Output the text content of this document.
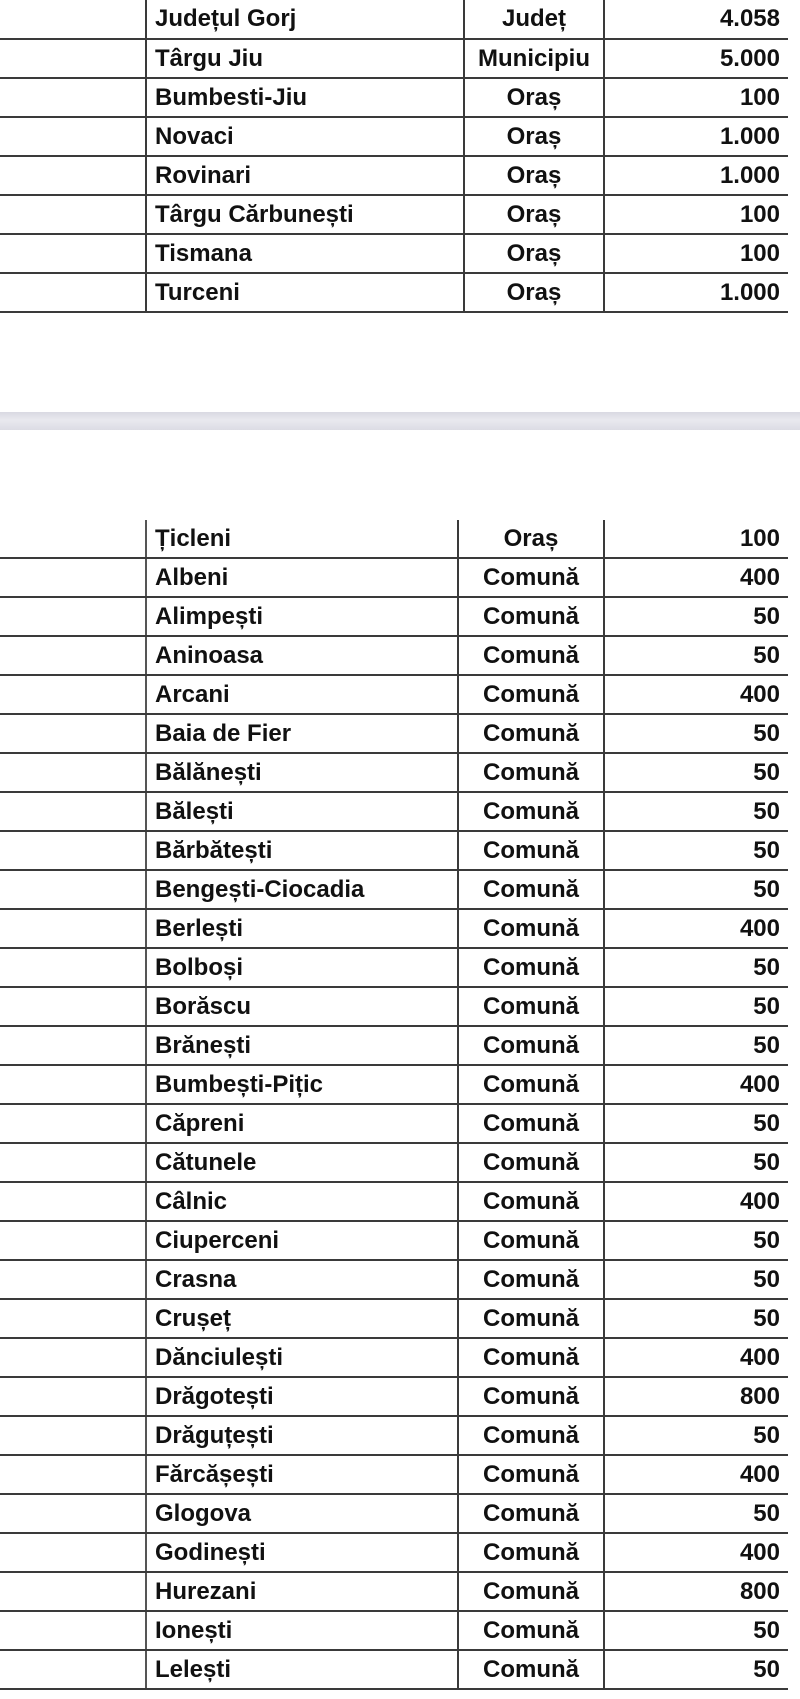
	Județul Gorj	Județ	4.058
	Târgu Jiu	Municipiu	5.000
	Bumbesti-Jiu	Oraș	100
	Novaci	Oraș	1.000
	Rovinari	Oraș	1.000
	Târgu Cărbunești	Oraș	100
	Tismana	Oraș	100
	Turceni	Oraș	1.000
	Țicleni	Oraș	100
	Albeni	Comună	400
	Alimpești	Comună	50
	Aninoasa	Comună	50
	Arcani	Comună	400
	Baia de Fier	Comună	50
	Bălănești	Comună	50
	Bălești	Comună	50
	Bărbătești	Comună	50
	Bengești-Ciocadia	Comună	50
	Berlești	Comună	400
	Bolboși	Comună	50
	Borăscu	Comună	50
	Brănești	Comună	50
	Bumbești-Pițic	Comună	400
	Căpreni	Comună	50
	Cătunele	Comună	50
	Câlnic	Comună	400
	Ciuperceni	Comună	50
	Crasna	Comună	50
	Crușeț	Comună	50
	Dănciulești	Comună	400
	Drăgotești	Comună	800
	Drăguțești	Comună	50
	Fărcășești	Comună	400
	Glogova	Comună	50
	Godinești	Comună	400
	Hurezani	Comună	800
	Ionești	Comună	50
	Lelești	Comună	50
